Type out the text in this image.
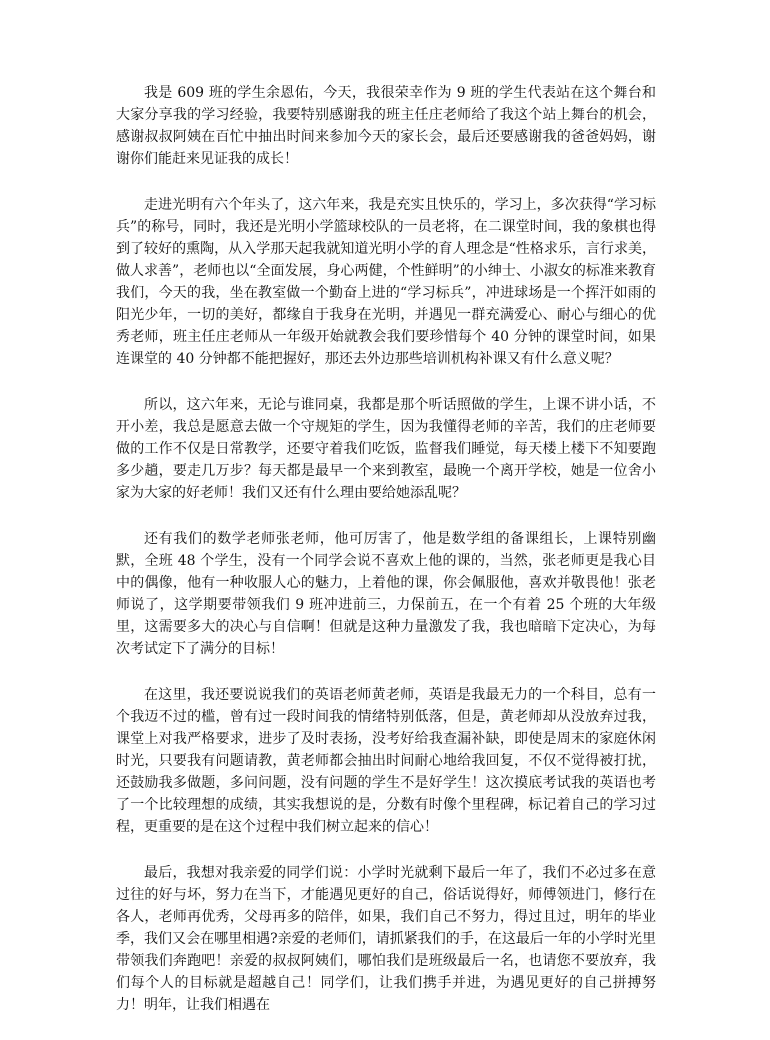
我是 609 班的学生余恩佑，今天，我很荣幸作为 9 班的学生代表站在这个舞台和大家分享我的学习经验，我要特别感谢我的班主任庄老师给了我这个站上舞台的机会，感谢叔叔阿姨在百忙中抽出时间来参加今天的家长会，最后还要感谢我的爸爸妈妈，谢谢你们能赶来见证我的成长！

走进光明有六个年头了，这六年来，我是充实且快乐的，学习上，多次获得“学习标兵”的称号，同时，我还是光明小学篮球校队的一员老将，在二课堂时间，我的象棋也得到了较好的熏陶，从入学那天起我就知道光明小学的育人理念是“性格求乐，言行求美，做人求善”，老师也以“全面发展，身心两健，个性鲜明”的小绅士、小淑女的标准来教育我们，今天的我，坐在教室做一个勤奋上进的“学习标兵”，冲进球场是一个挥汗如雨的阳光少年，一切的美好，都缘自于我身在光明，并遇见一群充满爱心、耐心与细心的优秀老师，班主任庄老师从一年级开始就教会我们要珍惜每个 40 分钟的课堂时间，如果连课堂的 40 分钟都不能把握好，那还去外边那些培训机构补课又有什么意义呢？

所以，这六年来，无论与谁同桌，我都是那个听话照做的学生，上课不讲小话，不开小差，我总是愿意去做一个守规矩的学生，因为我懂得老师的辛苦，我们的庄老师要做的工作不仅是日常教学，还要守着我们吃饭，监督我们睡觉，每天楼上楼下不知要跑多少趟，要走几万步？每天都是最早一个来到教室，最晚一个离开学校，她是一位舍小家为大家的好老师！我们又还有什么理由要给她添乱呢？

还有我们的数学老师张老师，他可厉害了，他是数学组的备课组长，上课特别幽默，全班 48 个学生，没有一个同学会说不喜欢上他的课的，当然，张老师更是我心目中的偶像，他有一种收服人心的魅力，上着他的课，你会佩服他，喜欢并敬畏他！张老师说了，这学期要带领我们 9 班冲进前三，力保前五，在一个有着 25 个班的大年级里，这需要多大的决心与自信啊！但就是这种力量激发了我，我也暗暗下定决心，为每次考试定下了满分的目标！

在这里，我还要说说我们的英语老师黄老师，英语是我最无力的一个科目，总有一个我迈不过的槛，曾有过一段时间我的情绪特别低落，但是，黄老师却从没放弃过我，课堂上对我严格要求，进步了及时表扬，没考好给我查漏补缺，即使是周末的家庭休闲时光，只要我有问题请教，黄老师都会抽出时间耐心地给我回复，不仅不觉得被打扰，还鼓励我多做题，多问问题，没有问题的学生不是好学生！这次摸底考试我的英语也考了一个比较理想的成绩，其实我想说的是，分数有时像个里程碑，标记着自己的学习过程，更重要的是在这个过程中我们树立起来的信心！

最后，我想对我亲爱的同学们说：小学时光就剩下最后一年了，我们不必过多在意过往的好与坏，努力在当下，才能遇见更好的自己，俗话说得好，师傅领进门，修行在各人，老师再优秀，父母再多的陪伴，如果，我们自己不努力，得过且过，明年的毕业季，我们又会在哪里相遇?亲爱的老师们，请抓紧我们的手，在这最后一年的小学时光里带领我们奔跑吧！亲爱的叔叔阿姨们，哪怕我们是班级最后一名，也请您不要放弃，我们每个人的目标就是超越自己！同学们，让我们携手并进，为遇见更好的自己拼搏努力！明年，让我们相遇在
